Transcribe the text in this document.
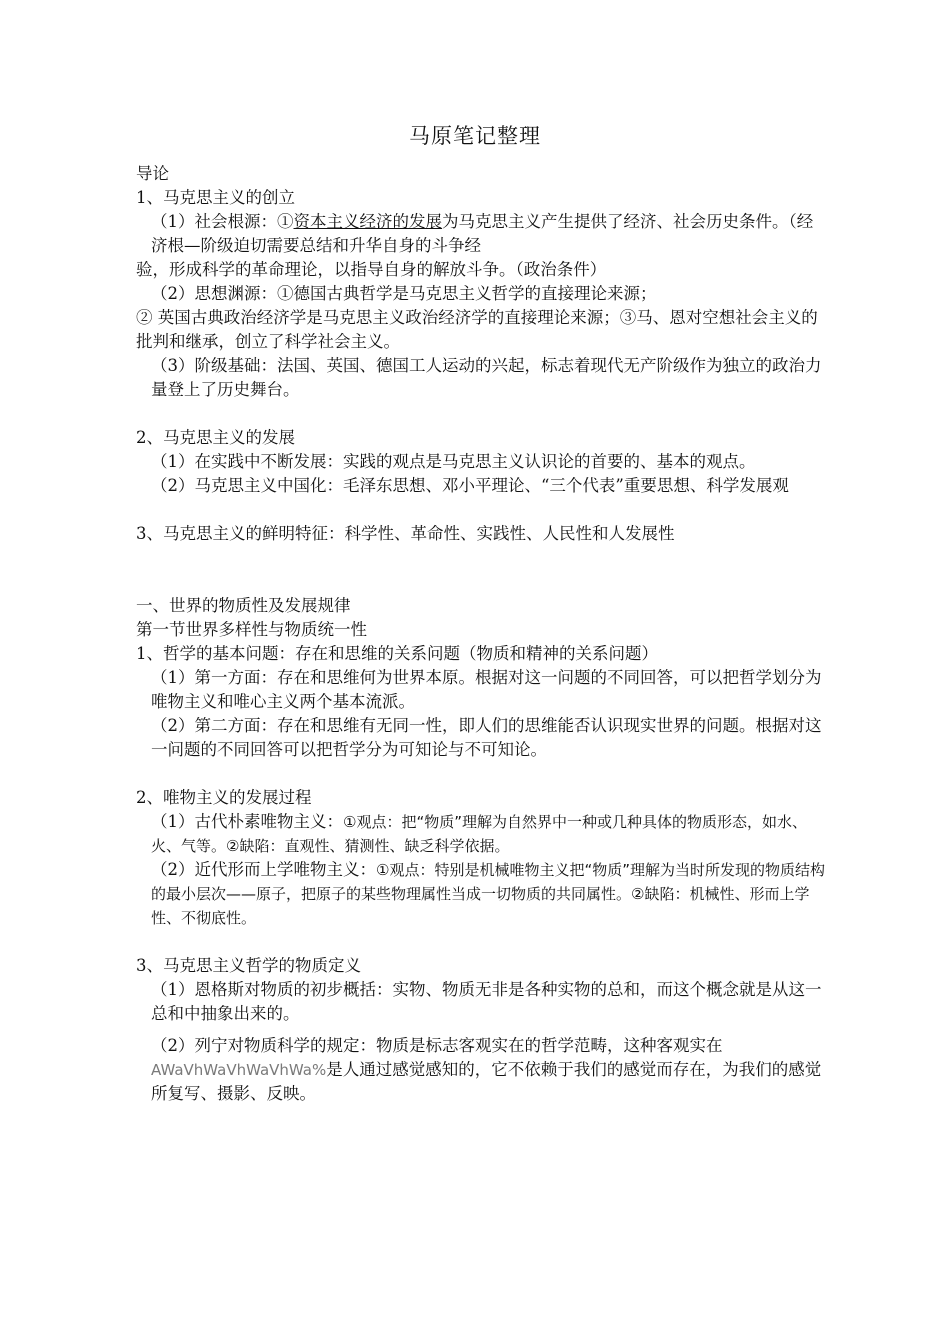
马原笔记整理

导论

1、马克思主义的创立

（1）社会根源：①资本主义经济的发展为马克思主义产生提供了经济、社会历史条件。（经济根—阶级迫切需要总结和升华自身的斗争经

验，形成科学的革命理论，以指导自身的解放斗争。（政治条件）

（2）思想渊源：①德国古典哲学是马克思主义哲学的直接理论来源；

② 英国古典政治经济学是马克思主义政治经济学的直接理论来源；③马、恩对空想社会主义的批判和继承，创立了科学社会主义。

（3）阶级基础：法国、英国、德国工人运动的兴起，标志着现代无产阶级作为独立的政治力量登上了历史舞台。

2、马克思主义的发展

（1）在实践中不断发展：实践的观点是马克思主义认识论的首要的、基本的观点。

（2）马克思主义中国化：毛泽东思想、邓小平理论、“三个代表”重要思想、科学发展观

3、马克思主义的鲜明特征：科学性、革命性、实践性、人民性和人发展性

一、世界的物质性及发展规律

第一节世界多样性与物质统一性

1、哲学的基本问题：存在和思维的关系问题（物质和精神的关系问题）

（1）第一方面：存在和思维何为世界本原。根据对这一问题的不同回答，可以把哲学划分为唯物主义和唯心主义两个基本流派。

（2）第二方面：存在和思维有无同一性，即人们的思维能否认识现实世界的问题。根据对这一问题的不同回答可以把哲学分为可知论与不可知论。

2、唯物主义的发展过程

（1）古代朴素唯物主义：①观点：把“物质”理解为自然界中一种或几种具体的物质形态，如水、火、气等。②缺陷：直观性、猜测性、缺乏科学依据。

（2）近代形而上学唯物主义：①观点：特别是机械唯物主义把“物质”理解为当时所发现的物质结构的最小层次——原子，把原子的某些物理属性当成一切物质的共同属性。②缺陷：机械性、形而上学性、不彻底性。

3、马克思主义哲学的物质定义

（1）恩格斯对物质的初步概括：实物、物质无非是各种实物的总和，而这个概念就是从这一总和中抽象出来的。

（2）列宁对物质科学的规定：物质是标志客观实在的哲学范畴，这种客观实在AWaVhWaVhWaVhWa%是人通过感觉感知的，它不依赖于我们的感觉而存在，为我们的感觉所复写、摄影、反映。
